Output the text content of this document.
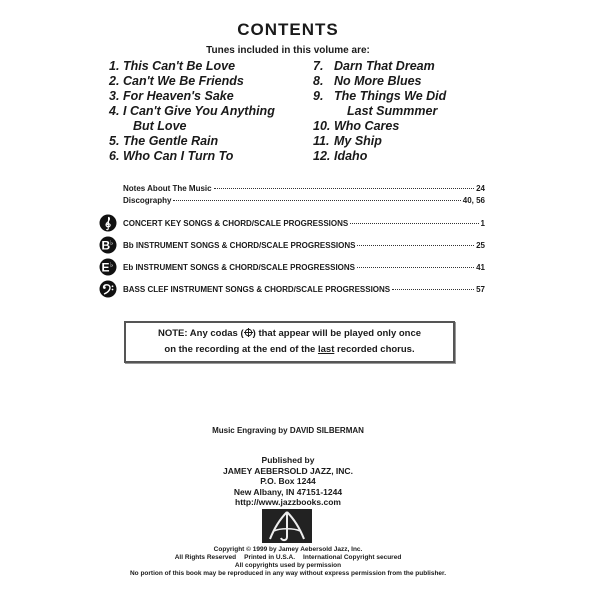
CONTENTS
Tunes included in this volume are:
1. This Can't Be Love
2. Can't We Be Friends
3. For Heaven's Sake
4. I Can't Give You Anything
But Love
5. The Gentle Rain
6. Who Can I Turn To
7. Darn That Dream
8. No More Blues
9. The Things We Did
Last Summmer
10. Who Cares
11. My Ship
12. Idaho
Notes About The Music	24
Discography	40, 56
B ♭
E ♭
CONCERT KEY SONGS & CHORD/SCALE PROGRESSIONS	1
Bb INSTRUMENT SONGS & CHORD/SCALE PROGRESSIONS	25
Eb INSTRUMENT SONGS & CHORD/SCALE PROGRESSIONS	41
BASS CLEF INSTRUMENT SONGS & CHORD/SCALE PROGRESSIONS	57
NOTE: Any codas ( ) that appear will be played only once
on the recording at the end of the last recorded chorus.
Music Engraving by DAVID SILBERMAN
Published by
JAMEY AEBERSOLD JAZZ, INC.
P.O. Box 1244
New Albany, IN 47151-1244
http://www.jazzbooks.com
Copyright © 1999 by Jamey Aebersold Jazz, Inc.
All Rights Reserved Printed in U.S.A. International Copyright secured
All copyrights used by permission
No portion of this book may be reproduced in any way without express permission from the publisher.
